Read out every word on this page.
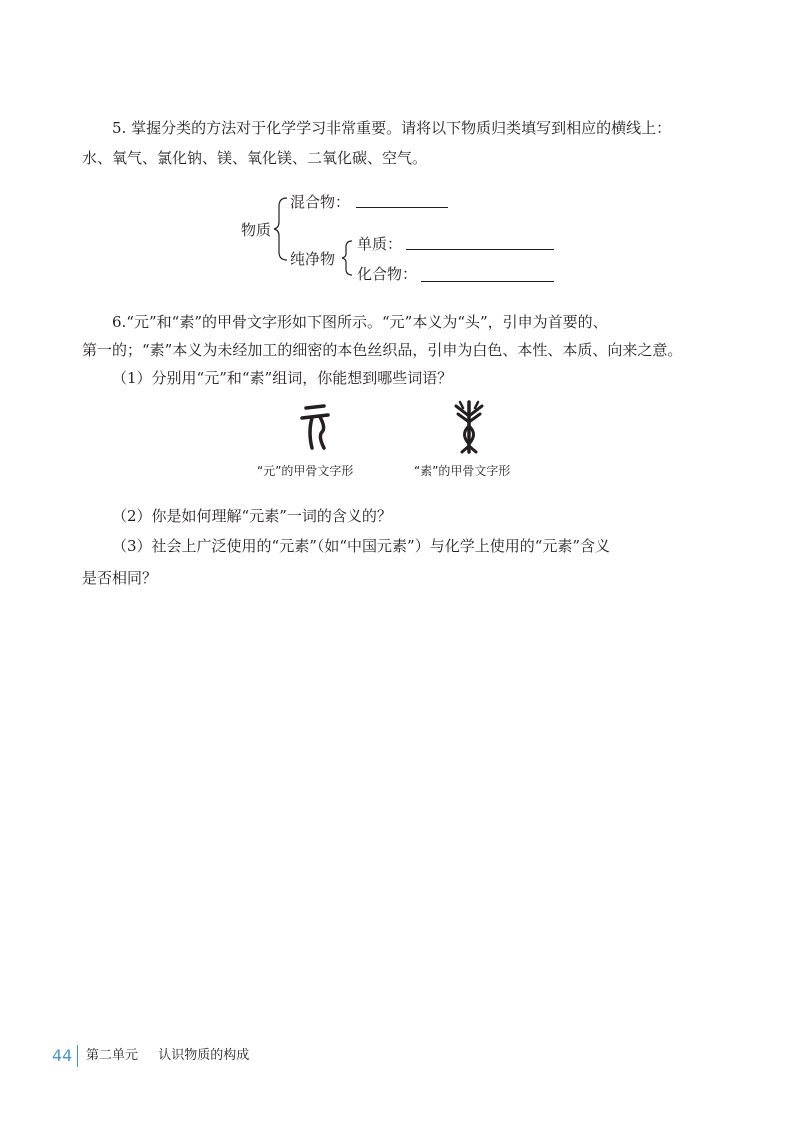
5. 掌握分类的方法对于化学学习非常重要。请将以下物质归类填写到相应的横线上：
水、氧气、氯化钠、镁、氧化镁、二氧化碳、空气。
物质
混合物：
纯净物
单质：
化合物：
6.“元”和“素”的甲骨文字形如下图所示。“元”本义为“头”，引申为首要的、
第一的；“素”本义为未经加工的细密的本色丝织品，引申为白色、本性、本质、向来之意。
（1）分别用“元”和“素”组词，你能想到哪些词语？
“元”的甲骨文字形	“素”的甲骨文字形
（2）你是如何理解“元素”一词的含义的？
（3）社会上广泛使用的“元素”（如“中国元素”）与化学上使用的“元素”含义
是否相同？
44 第二单元 认识物质的构成
